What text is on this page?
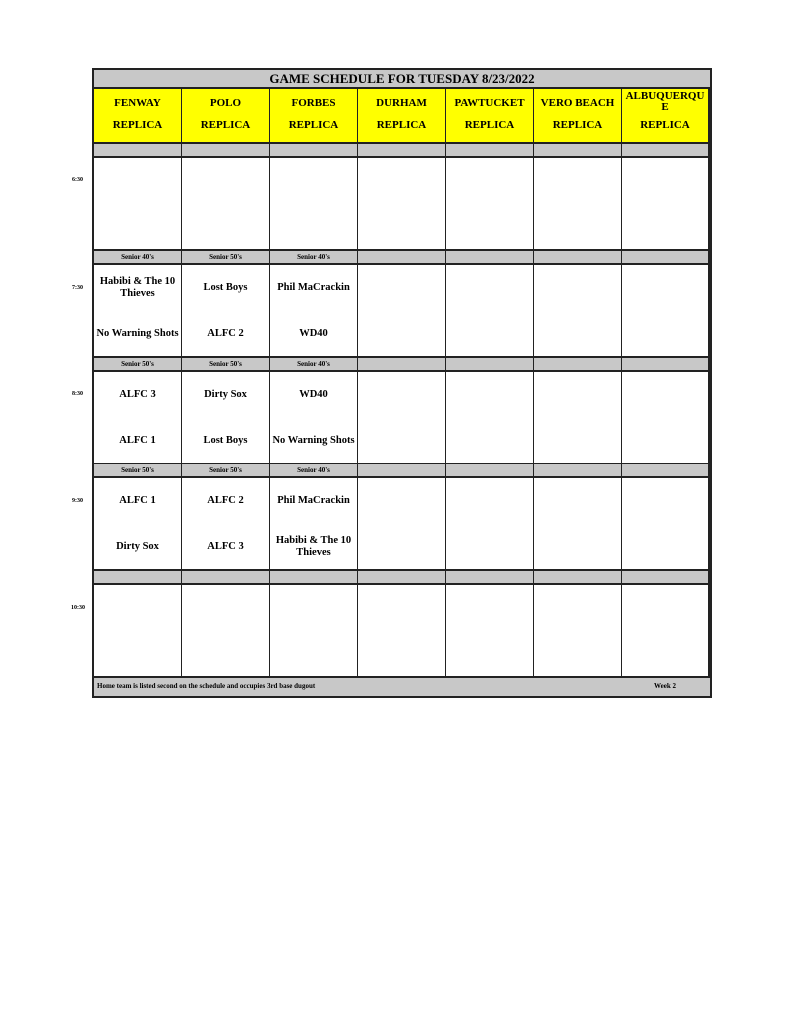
GAME SCHEDULE FOR TUESDAY 8/23/2022
Home team is listed second on the schedule and occupies 3rd base dugout	Week 2
FENWAY
REPLICA
POLO
REPLICA
FORBES
REPLICA
DURHAM
REPLICA
PAWTUCKET
REPLICA
VERO BEACH
REPLICA
ALBUQUERQU E
REPLICA
Senior 40's
Habibi & The 10 Thieves
No Warning Shots
Senior 50's
Lost Boys
ALFC 2
Senior 40's
Phil MaCrackin
WD40
Senior 50's
ALFC 3
ALFC 1
Senior 50's
Dirty Sox
Lost Boys
Senior 40's
WD40
No Warning Shots
Senior 50's
ALFC 1
Dirty Sox
Senior 50's
ALFC 2
ALFC 3
Senior 40's
Phil MaCrackin
Habibi & The 10 Thieves
6:30
7:30
8:30
9:30
10:30
